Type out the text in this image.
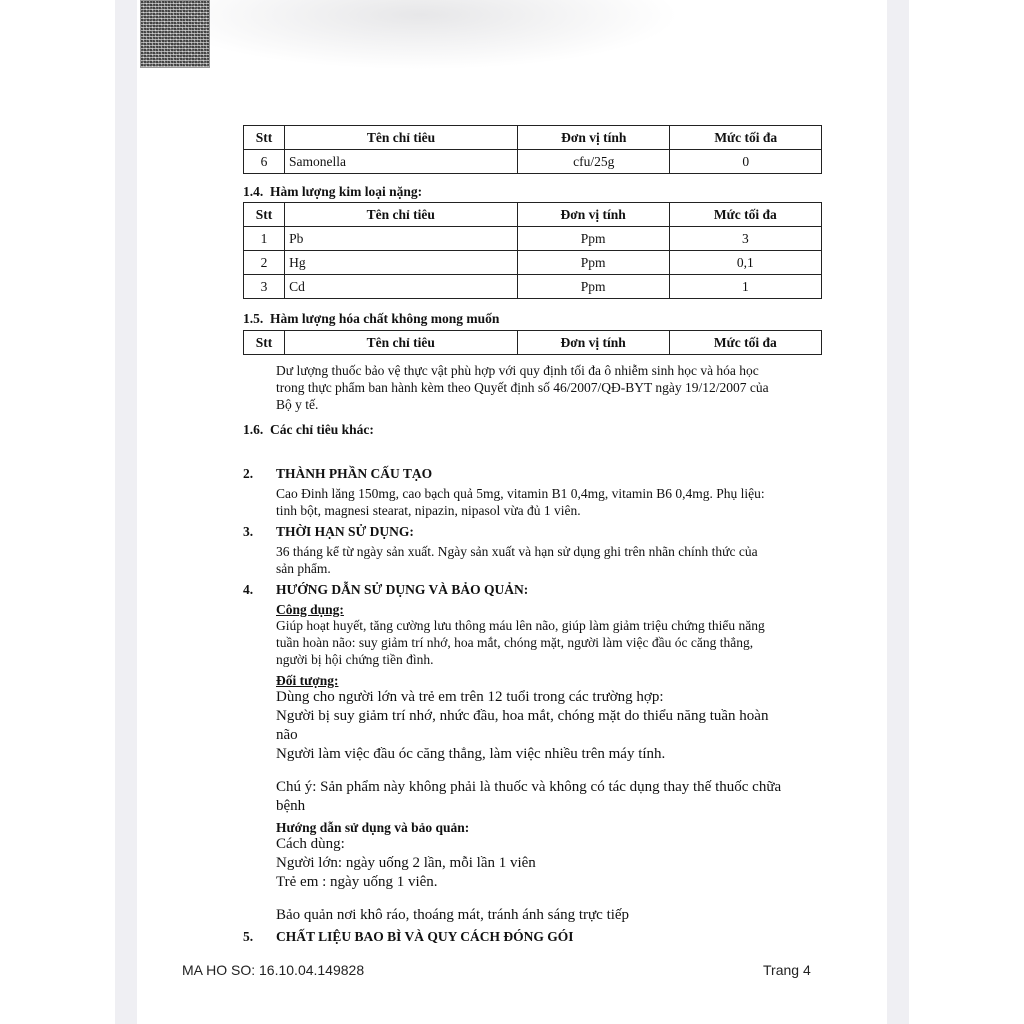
Stt	Tên chỉ tiêu	Đơn vị tính	Mức tối đa
6	Samonella	cfu/25g	0
1.4. Hàm lượng kim loại nặng:
Stt	Tên chỉ tiêu	Đơn vị tính	Mức tối đa
1	Pb	Ppm	3
2	Hg	Ppm	0,1
3	Cd	Ppm	1
1.5. Hàm lượng hóa chất không mong muốn
Stt	Tên chỉ tiêu	Đơn vị tính	Mức tối đa
Dư lượng thuốc bảo vệ thực vật phù hợp với quy định tối đa ô nhiễm sinh học và hóa học
trong thực phẩm ban hành kèm theo Quyết định số 46/2007/QĐ-BYT ngày 19/12/2007 của
Bộ y tế.
1.6. Các chỉ tiêu khác:
2. THÀNH PHẦN CẤU TẠO
Cao Đinh lăng 150mg, cao bạch quả 5mg, vitamin B1 0,4mg, vitamin B6 0,4mg. Phụ liệu:
tinh bột, magnesi stearat, nipazin, nipasol vừa đủ 1 viên.
3. THỜI HẠN SỬ DỤNG:
36 tháng kể từ ngày sản xuất. Ngày sản xuất và hạn sử dụng ghi trên nhãn chính thức của
sản phẩm.
4. HƯỚNG DẪN SỬ DỤNG VÀ BẢO QUẢN:
Công dụng:
Giúp hoạt huyết, tăng cường lưu thông máu lên não, giúp làm giảm triệu chứng thiểu năng
tuần hoàn não: suy giảm trí nhớ, hoa mắt, chóng mặt, người làm việc đầu óc căng thẳng,
người bị hội chứng tiền đình.
Đối tượng:
Dùng cho người lớn và trẻ em trên 12 tuổi trong các trường hợp:
Người bị suy giảm trí nhớ, nhức đầu, hoa mắt, chóng mặt do thiểu năng tuần hoàn
não
Người làm việc đầu óc căng thẳng, làm việc nhiều trên máy tính.
Chú ý: Sản phẩm này không phải là thuốc và không có tác dụng thay thế thuốc chữa
bệnh
Hướng dẫn sử dụng và bảo quản:
Cách dùng:
Người lớn: ngày uống 2 lần, mỗi lần 1 viên
Trẻ em : ngày uống 1 viên.
Bảo quản nơi khô ráo, thoáng mát, tránh ánh sáng trực tiếp
5. CHẤT LIỆU BAO BÌ VÀ QUY CÁCH ĐÓNG GÓI
MA HO SO: 16.10.04.149828	Trang 4
